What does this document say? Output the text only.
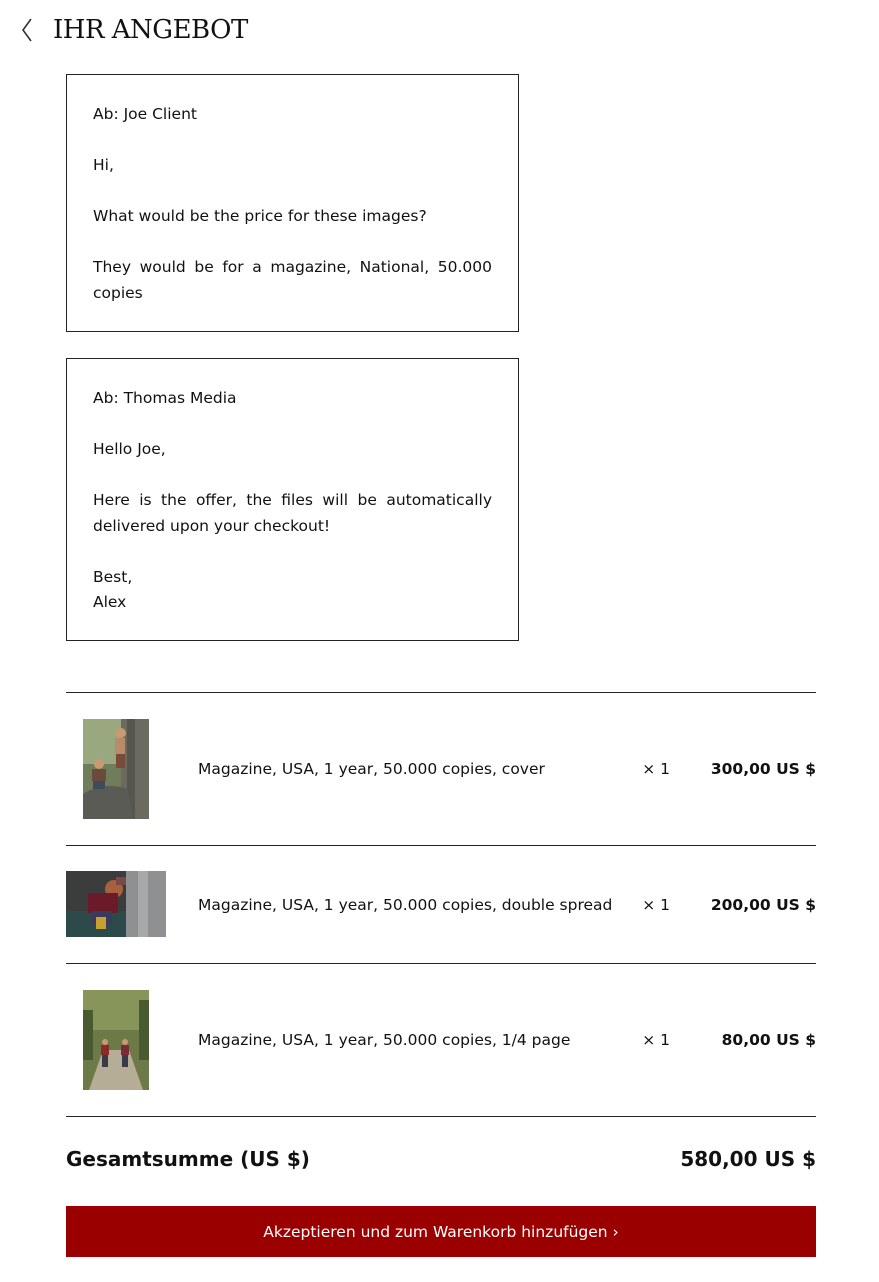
IHR ANGEBOT

Ab: Joe Client

Hi,

What would be the price for these images?

They would be for a magazine, National, 50.000 copies

Ab: Thomas Media

Hello Joe,

Here is the offer, the files will be automatically delivered upon your checkout!

Best,
Alex

Magazine, USA, 1 year, 50.000 copies, cover	× 1	300,00 US $
Magazine, USA, 1 year, 50.000 copies, double spread × 1	200,00 US $
Magazine, USA, 1 year, 50.000 copies, 1/4 page	× 1	80,00 US $
Gesamtsumme (US $)	580,00 US $
Akzeptieren und zum Warenkorb hinzufügen ›
